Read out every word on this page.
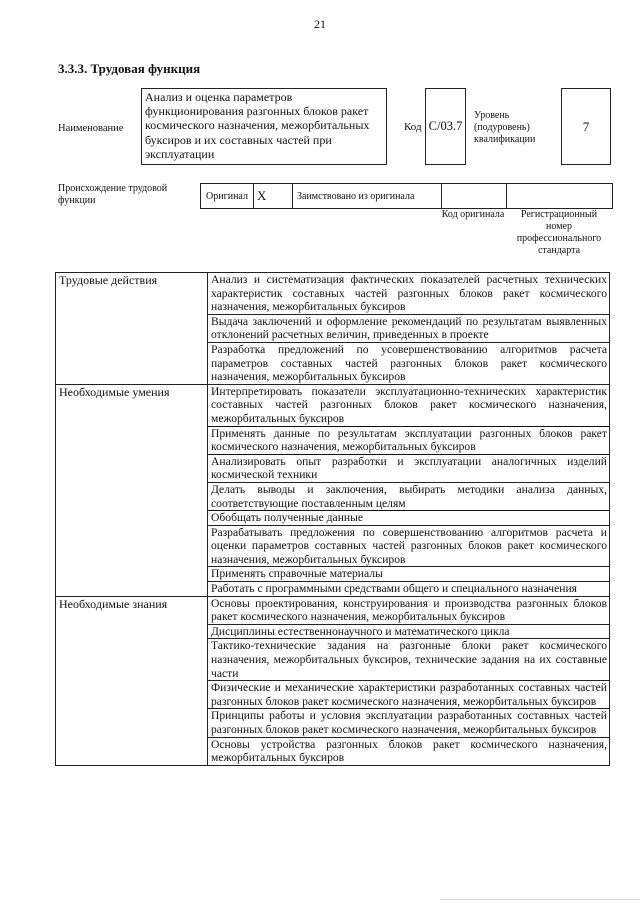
21
3.3.3. Трудовая функция
Наименование
Анализ и оценка параметров функционирования разгонных блоков ракет космического назначения, межорбитальных буксиров и их составных частей при эксплуатации
Код C/03.7
Уровень (подуровень) квалификации
7
Происхождение трудовой функции	Оригинал X	Заимствовано из оригинала
Код оригинала	Регистрационный номер профессионального стандарта
Трудовые действия	Анализ и систематизация фактических показателей расчетных технических характеристик составных частей разгонных блоков ракет космического назначения, межорбитальных буксиров
	Выдача заключений и оформление рекомендаций по результатам выявленных отклонений расчетных величин, приведенных в проекте
	Разработка предложений по усовершенствованию алгоритмов расчета параметров составных частей разгонных блоков ракет космического назначения, межорбитальных буксиров
Необходимые умения	Интерпретировать показатели эксплуатационно-технических характеристик составных частей разгонных блоков ракет космического назначения, межорбитальных буксиров
	Применять данные по результатам эксплуатации разгонных блоков ракет космического назначения, межорбитальных буксиров
	Анализировать опыт разработки и эксплуатации аналогичных изделий космической техники
	Делать выводы и заключения, выбирать методики анализа данных, соответствующие поставленным целям
	Обобщать полученные данные
	Разрабатывать предложения по совершенствованию алгоритмов расчета и оценки параметров составных частей разгонных блоков ракет космического назначения, межорбитальных буксиров
	Применять справочные материалы
	Работать с программными средствами общего и специального назначения
Необходимые знания	Основы проектирования, конструирования и производства разгонных блоков ракет космического назначения, межорбитальных буксиров
	Дисциплины естественнонаучного и математического цикла
	Тактико-технические задания на разгонные блоки ракет космического назначения, межорбитальных буксиров, технические задания на их составные части
	Физические и механические характеристики разработанных составных частей разгонных блоков ракет космического назначения, межорбитальных буксиров
	Принципы работы и условия эксплуатации разработанных составных частей разгонных блоков ракет космического назначения, межорбитальных буксиров
	Основы устройства разгонных блоков ракет космического назначения, межорбитальных буксиров
